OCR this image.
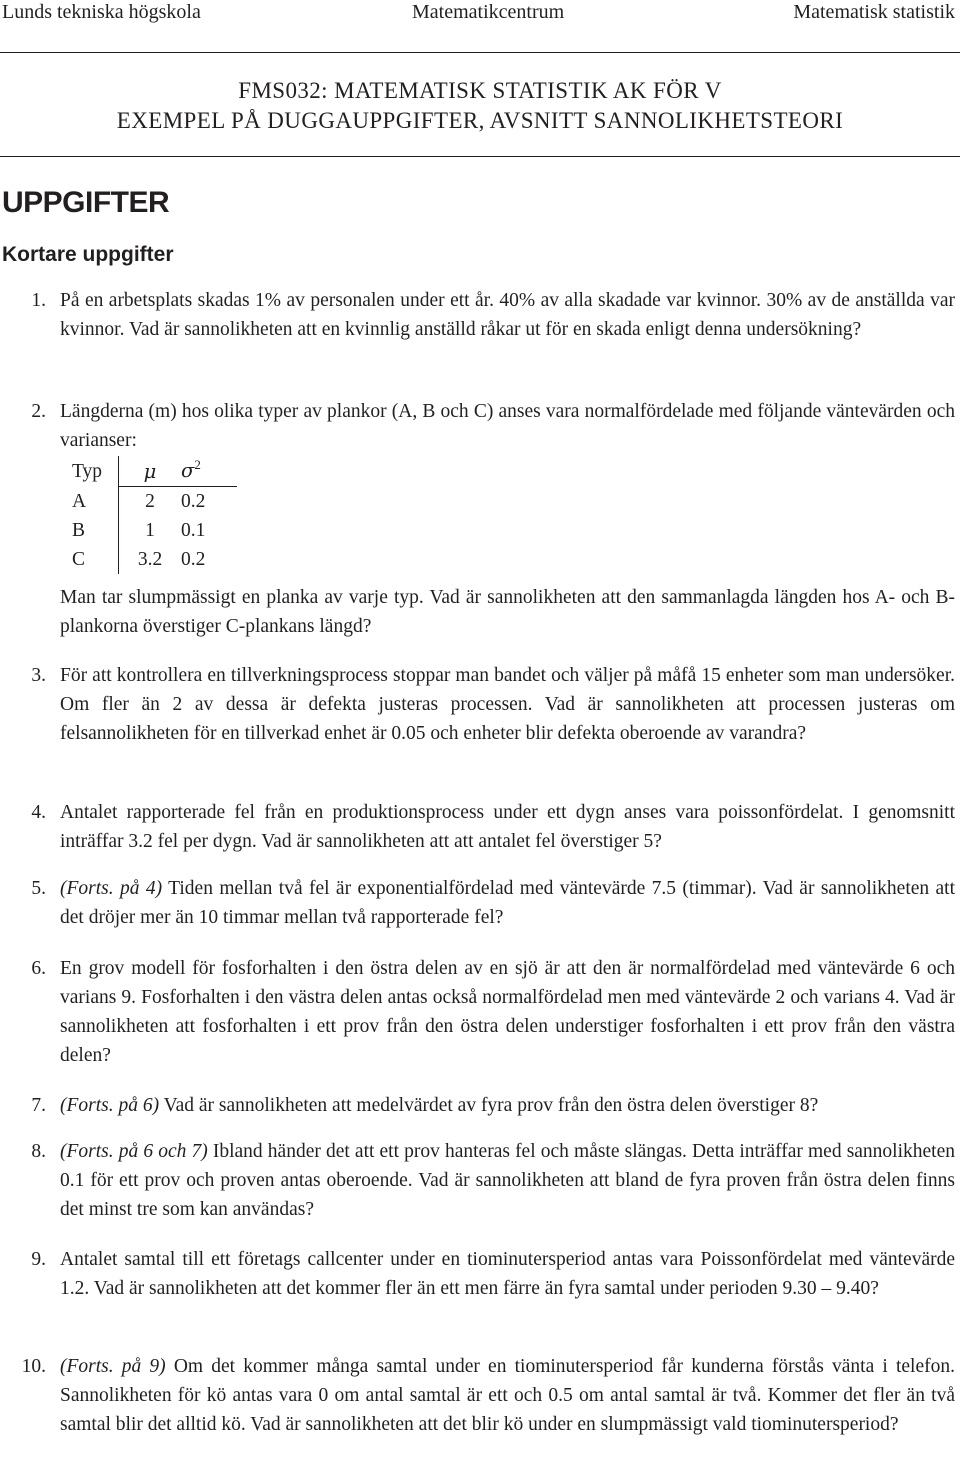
Lunds tekniska högskola	Matematikcentrum	Matematisk statistik
FMS032: MATEMATISK STATISTIK AK FÖR V
EXEMPEL PÅ DUGGAUPPGIFTER, AVSNITT SANNOLIKHETSTEORI
UPPGIFTER
Kortare uppgifter
1. På en arbetsplats skadas 1% av personalen under ett år. 40% av alla skadade var kvinnor. 30% av de anställda var kvinnor. Vad är sannolikheten att en kvinnlig anställd råkar ut för en skada enligt denna undersökning?
2. Längderna (m) hos olika typer av plankor (A, B och C) anses vara normalfördelade med följande väntevärden och varianser:
Typ	μ	$\sigma^2$
A	2	0.2
B	1	0.1
C	3.2	0.2
Man tar slumpmässigt en planka av varje typ. Vad är sannolikheten att den sammanlagda längden hos A- och B-plankorna överstiger C-plankans längd?
3. För att kontrollera en tillverkningsprocess stoppar man bandet och väljer på måfå 15 enheter som man undersöker. Om fler än 2 av dessa är defekta justeras processen. Vad är sannolikheten att processen justeras om felsannolikheten för en tillverkad enhet är 0.05 och enheter blir defekta oberoende av varandra?
4. Antalet rapporterade fel från en produktionsprocess under ett dygn anses vara poissonfördelat. I genomsnitt inträffar 3.2 fel per dygn. Vad är sannolikheten att att antalet fel överstiger 5?
5. (Forts. på 4) Tiden mellan två fel är exponentialfördelad med väntevärde 7.5 (timmar). Vad är sannolikheten att det dröjer mer än 10 timmar mellan två rapporterade fel?
6. En grov modell för fosforhalten i den östra delen av en sjö är att den är normalfördelad med väntevärde 6 och varians 9. Fosforhalten i den västra delen antas också normalfördelad men med väntevärde 2 och varians 4. Vad är sannolikheten att fosforhalten i ett prov från den östra delen understiger fosforhalten i ett prov från den västra delen?
7. (Forts. på 6) Vad är sannolikheten att medelvärdet av fyra prov från den östra delen överstiger 8?
8. (Forts. på 6 och 7) Ibland händer det att ett prov hanteras fel och måste slängas. Detta inträffar med sannolikheten 0.1 för ett prov och proven antas oberoende. Vad är sannolikheten att bland de fyra proven från östra delen finns det minst tre som kan användas?
9. Antalet samtal till ett företags callcenter under en tiominutersperiod antas vara Poissonfördelat med väntevärde 1.2. Vad är sannolikheten att det kommer fler än ett men färre än fyra samtal under perioden 9.30 – 9.40?
10. (Forts. på 9) Om det kommer många samtal under en tiominutersperiod får kunderna förstås vänta i telefon. Sannolikheten för kö antas vara 0 om antal samtal är ett och 0.5 om antal samtal är två. Kommer det fler än två samtal blir det alltid kö. Vad är sannolikheten att det blir kö under en slumpmässigt vald tiominutersperiod?
